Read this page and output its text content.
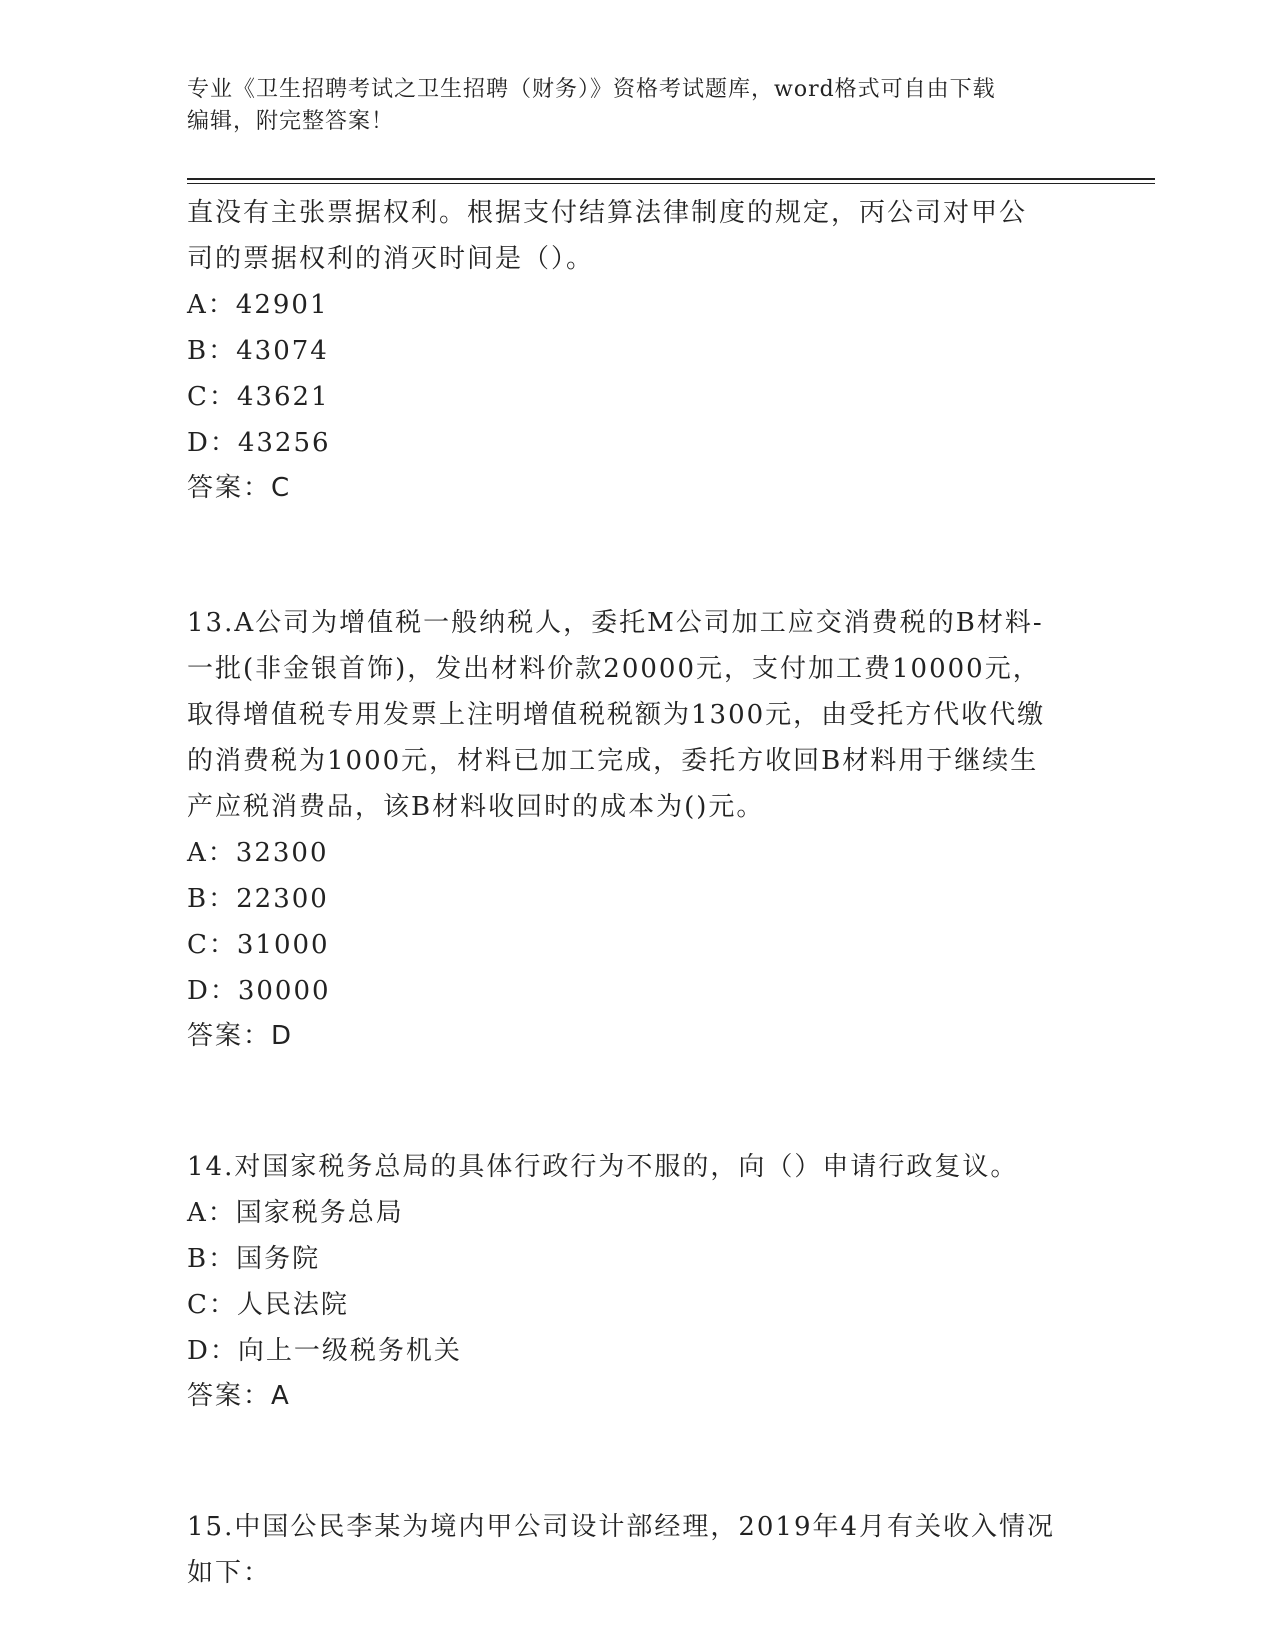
专业《卫生招聘考试之卫生招聘（财务）》资格考试题库，word格式可自由下载
编辑，附完整答案！
直没有主张票据权利。根据支付结算法律制度的规定，丙公司对甲公
司的票据权利的消灭时间是（）。
A：42901
B：43074
C：43621
D：43256
答案：C
13.A公司为增值税一般纳税人，委托M公司加工应交消费税的B材料-
一批(非金银首饰)，发出材料价款20000元，支付加工费10000元，
取得增值税专用发票上注明增值税税额为1300元，由受托方代收代缴
的消费税为1000元，材料已加工完成，委托方收回B材料用于继续生
产应税消费品，该B材料收回时的成本为()元。
A：32300
B：22300
C：31000
D：30000
答案：D
14.对国家税务总局的具体行政行为不服的，向（）申请行政复议。
A：国家税务总局
B：国务院
C：人民法院
D：向上一级税务机关
答案：A
15.中国公民李某为境内甲公司设计部经理，2019年4月有关收入情况
如下：
